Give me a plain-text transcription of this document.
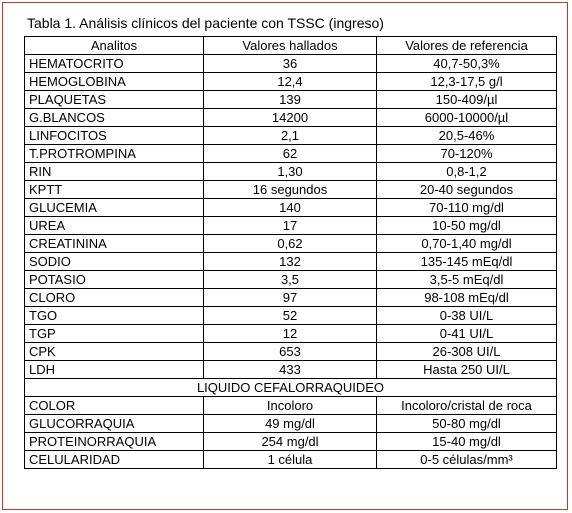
Tabla 1. Análisis clínicos del paciente con TSSC (ingreso)
Analitos	Valores hallados	Valores de referencia
HEMATOCRITO	36	40,7-50,3%
HEMOGLOBINA	12,4	12,3-17,5 g/l
PLAQUETAS	139	150-409/µl
G.BLANCOS	14200	6000-10000/µl
LINFOCITOS	2,1	20,5-46%
T.PROTROMPINA	62	70-120%
RIN	1,30	0,8-1,2
KPTT	16 segundos	20-40 segundos
GLUCEMIA	140	70-110 mg/dl
UREA	17	10-50 mg/dl
CREATININA	0,62	0,70-1,40 mg/dl
SODIO	132	135-145 mEq/dl
POTASIO	3,5	3,5-5 mEq/dl
CLORO	97	98-108 mEq/dl
TGO	52	0-38 UI/L
TGP	12	0-41 UI/L
CPK	653	26-308 UI/L
LDH	433	Hasta 250 UI/L
LIQUIDO CEFALORRAQUIDEO		
COLOR	Incoloro	Incoloro/cristal de roca
GLUCORRAQUIA	49 mg/dl	50-80 mg/dl
PROTEINORRAQUIA	254 mg/dl	15-40 mg/dl
CELULARIDAD	1 célula	0-5 células/mm³
